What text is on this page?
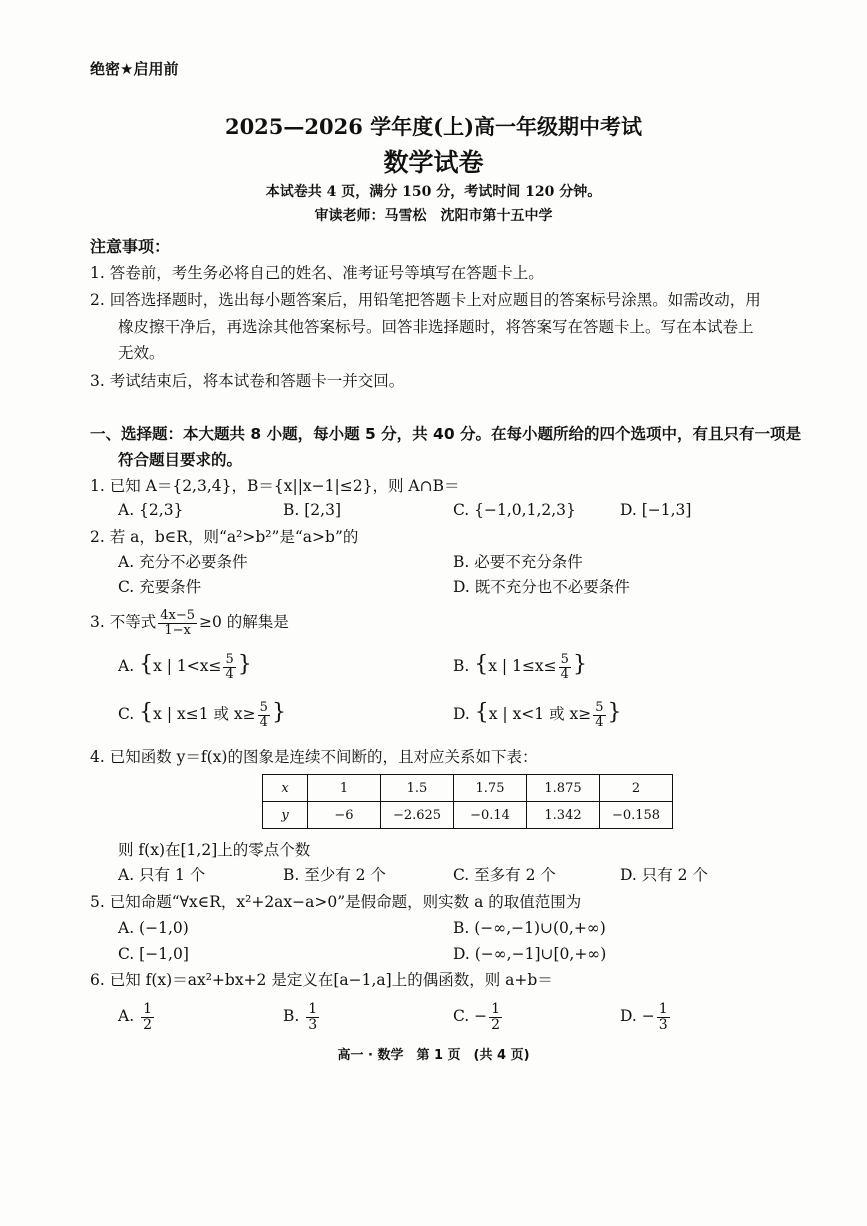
绝密★启用前
2025—2026 学年度(上)高一年级期中考试
数学试卷
本试卷共 4 页，满分 150 分，考试时间 120 分钟。
审读老师：马雪松　沈阳市第十五中学
注意事项：
1. 答卷前，考生务必将自己的姓名、准考证号等填写在答题卡上。
2. 回答选择题时，选出每小题答案后，用铅笔把答题卡上对应题目的答案标号涂黑。如需改动，用
橡皮擦干净后，再选涂其他答案标号。回答非选择题时，将答案写在答题卡上。写在本试卷上
无效。
3. 考试结束后，将本试卷和答题卡一并交回。
一、选择题：本大题共 8 小题，每小题 5 分，共 40 分。在每小题所给的四个选项中，有且只有一项是
符合题目要求的。
1. 已知 A＝{2,3,4}，B＝{x||x−1|≤2}，则 A∩B＝
A. {2,3}	B. [2,3]	C. {−1,0,1,2,3}	D. [−1,3]
2. 若 a，b∈R，则“a²>b²”是“a>b”的
A. 充分不必要条件	B. 必要不充分条件
C. 充要条件	D. 既不充分也不必要条件
3. 不等式 $\frac{4x-5}{1-x} \ge 0$ 的解集是
A. {x | $1<x\le \frac{5}{4}$ }	B. {x | $1\le x\le \frac{5}{4}$ }
C. {x | x≤1 或 $x\ge \frac{5}{4}$ }	D. {x | x<1 或 $x\ge \frac{5}{4}$ }
4. 已知函数 y＝f(x)的图象是连续不间断的，且对应关系如下表：
x	1	1.5	1.75	1.875	2
y	−6	−2.625	−0.14	1.342	−0.158
则 f(x)在[1,2]上的零点个数
A. 只有 1 个	B. 至少有 2 个	C. 至多有 2 个	D. 只有 2 个
5. 已知命题“∀x∈R，x²+2ax−a>0”是假命题，则实数 a 的取值范围为
A. (−1,0)	B. (−∞,−1)∪(0,+∞)
C. [−1,0]	D. (−∞,−1]∪[0,+∞)
6. 已知 f(x)＝ax²+bx+2 是定义在[a−1,a]上的偶函数，则 a+b＝
A. $\frac{1}{2}$	B. $\frac{1}{3}$	C. − $\frac{1}{2}$	D. − $\frac{1}{3}$
高一 · 数学　第 1 页　(共 4 页)
